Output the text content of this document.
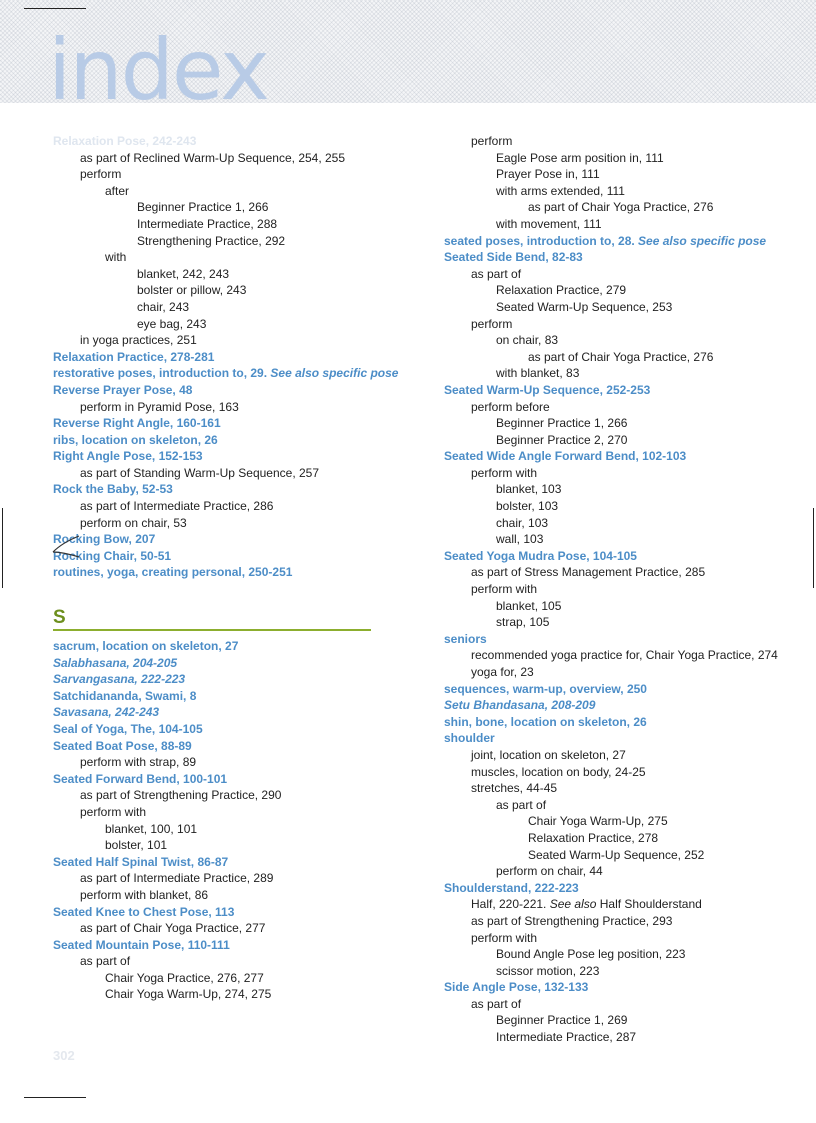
index
Relaxation Pose, 242-243
as part of Reclined Warm-Up Sequence, 254, 255
perform
after
Beginner Practice 1, 266
Intermediate Practice, 288
Strengthening Practice, 292
with
blanket, 242, 243
bolster or pillow, 243
chair, 243
eye bag, 243
in yoga practices, 251
Relaxation Practice, 278-281
restorative poses, introduction to, 29. See also specific pose
Reverse Prayer Pose, 48
perform in Pyramid Pose, 163
Reverse Right Angle, 160-161
ribs, location on skeleton, 26
Right Angle Pose, 152-153
as part of Standing Warm-Up Sequence, 257
Rock the Baby, 52-53
as part of Intermediate Practice, 286
perform on chair, 53
Rocking Bow, 207
Rocking Chair, 50-51
routines, yoga, creating personal, 250-251
S
sacrum, location on skeleton, 27
Salabhasana, 204-205
Sarvangasana, 222-223
Satchidananda, Swami, 8
Savasana, 242-243
Seal of Yoga, The, 104-105
Seated Boat Pose, 88-89
perform with strap, 89
Seated Forward Bend, 100-101
as part of Strengthening Practice, 290
perform with
blanket, 100, 101
bolster, 101
Seated Half Spinal Twist, 86-87
as part of Intermediate Practice, 289
perform with blanket, 86
Seated Knee to Chest Pose, 113
as part of Chair Yoga Practice, 277
Seated Mountain Pose, 110-111
as part of
Chair Yoga Practice, 276, 277
Chair Yoga Warm-Up, 274, 275
perform
Eagle Pose arm position in, 111
Prayer Pose in, 111
with arms extended, 111
as part of Chair Yoga Practice, 276
with movement, 111
seated poses, introduction to, 28. See also specific pose
Seated Side Bend, 82-83
as part of
Relaxation Practice, 279
Seated Warm-Up Sequence, 253
perform
on chair, 83
as part of Chair Yoga Practice, 276
with blanket, 83
Seated Warm-Up Sequence, 252-253
perform before
Beginner Practice 1, 266
Beginner Practice 2, 270
Seated Wide Angle Forward Bend, 102-103
perform with
blanket, 103
bolster, 103
chair, 103
wall, 103
Seated Yoga Mudra Pose, 104-105
as part of Stress Management Practice, 285
perform with
blanket, 105
strap, 105
seniors
recommended yoga practice for, Chair Yoga Practice, 274
yoga for, 23
sequences, warm-up, overview, 250
Setu Bhandasana, 208-209
shin, bone, location on skeleton, 26
shoulder
joint, location on skeleton, 27
muscles, location on body, 24-25
stretches, 44-45
as part of
Chair Yoga Warm-Up, 275
Relaxation Practice, 278
Seated Warm-Up Sequence, 252
perform on chair, 44
Shoulderstand, 222-223
Half, 220-221. See also Half Shoulderstand
as part of Strengthening Practice, 293
perform with
Bound Angle Pose leg position, 223
scissor motion, 223
Side Angle Pose, 132-133
as part of
Beginner Practice 1, 269
Intermediate Practice, 287
302
